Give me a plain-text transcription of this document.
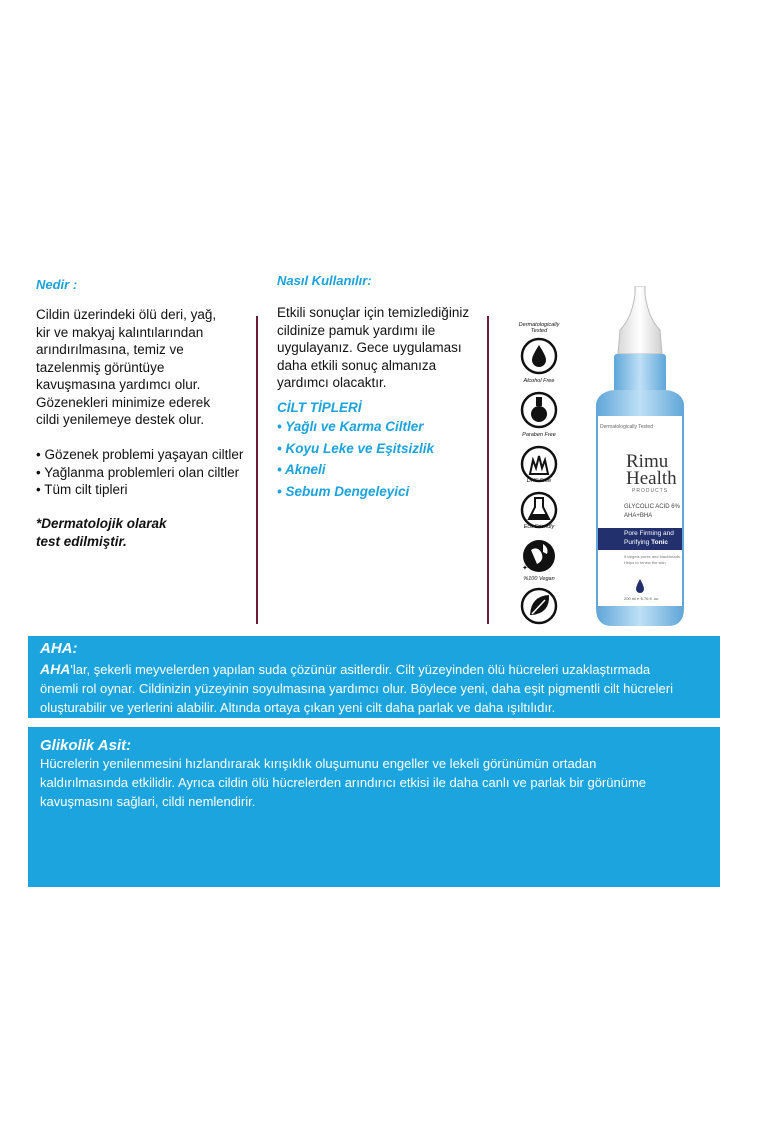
Nedir :
Cildin üzerindeki ölü deri, yağ,
kir ve makyaj kalıntılarından
arındırılmasına, temiz ve
tazelenmiş görüntüye
kavuşmasına yardımcı olur.
Gözenekleri minimize ederek
cildi yenilemeye destek olur.
• Gözenek problemi yaşayan ciltler
• Yağlanma problemleri olan ciltler
• Tüm cilt tipleri
*Dermatolojik olarak
test edilmiştir.
Nasıl Kullanılır:
Etkili sonuçlar için temizlediğiniz
cildinize pamuk yardımı ile
uygulayanız. Gece uygulaması
daha etkili sonuç almanıza
yardımcı olacaktır.
CİLT TİPLERİ
• Yağlı ve Karma Ciltler
• Koyu Leke ve Eşitsizlik
• Akneli
• Sebum Dengeleyici
Dermatologically Tested
Alcohol Free
Paraben Free
DHS Free
Eco Friendly
✦
%100 Vegan
Dermatologically Tested
Rimu
Health
PRODUCTS
GLYCOLIC ACID 6%
AHA+BHA
Pore Firming and
Purifying Tonic
It targets pores and blackheads.
Helps to renew the skin
200 ml ℮ 6.76 fl. oz.
AHA:

AHA'lar, şekerli meyvelerden yapılan suda çözünür asitlerdir. Cilt yüzeyinden ölü hücreleri uzaklaştırmada
önemli rol oynar. Cildinizin yüzeyinin soyulmasına yardımcı olur. Böylece yeni, daha eşit pigmentli cilt hücreleri
oluşturabilir ve yerlerini alabilir. Altında ortaya çıkan yeni cilt daha parlak ve daha ışıltılıdır.

Glikolik Asit:

Hücrelerin yenilenmesini hızlandırarak kırışıklık oluşumunu engeller ve lekeli görünümün ortadan
kaldırılmasında etkilidir. Ayrıca cildin ölü hücrelerden arındırıcı etkisi ile daha canlı ve parlak bir görünüme
kavuşmasını sağlari, cildi nemlendirir.
